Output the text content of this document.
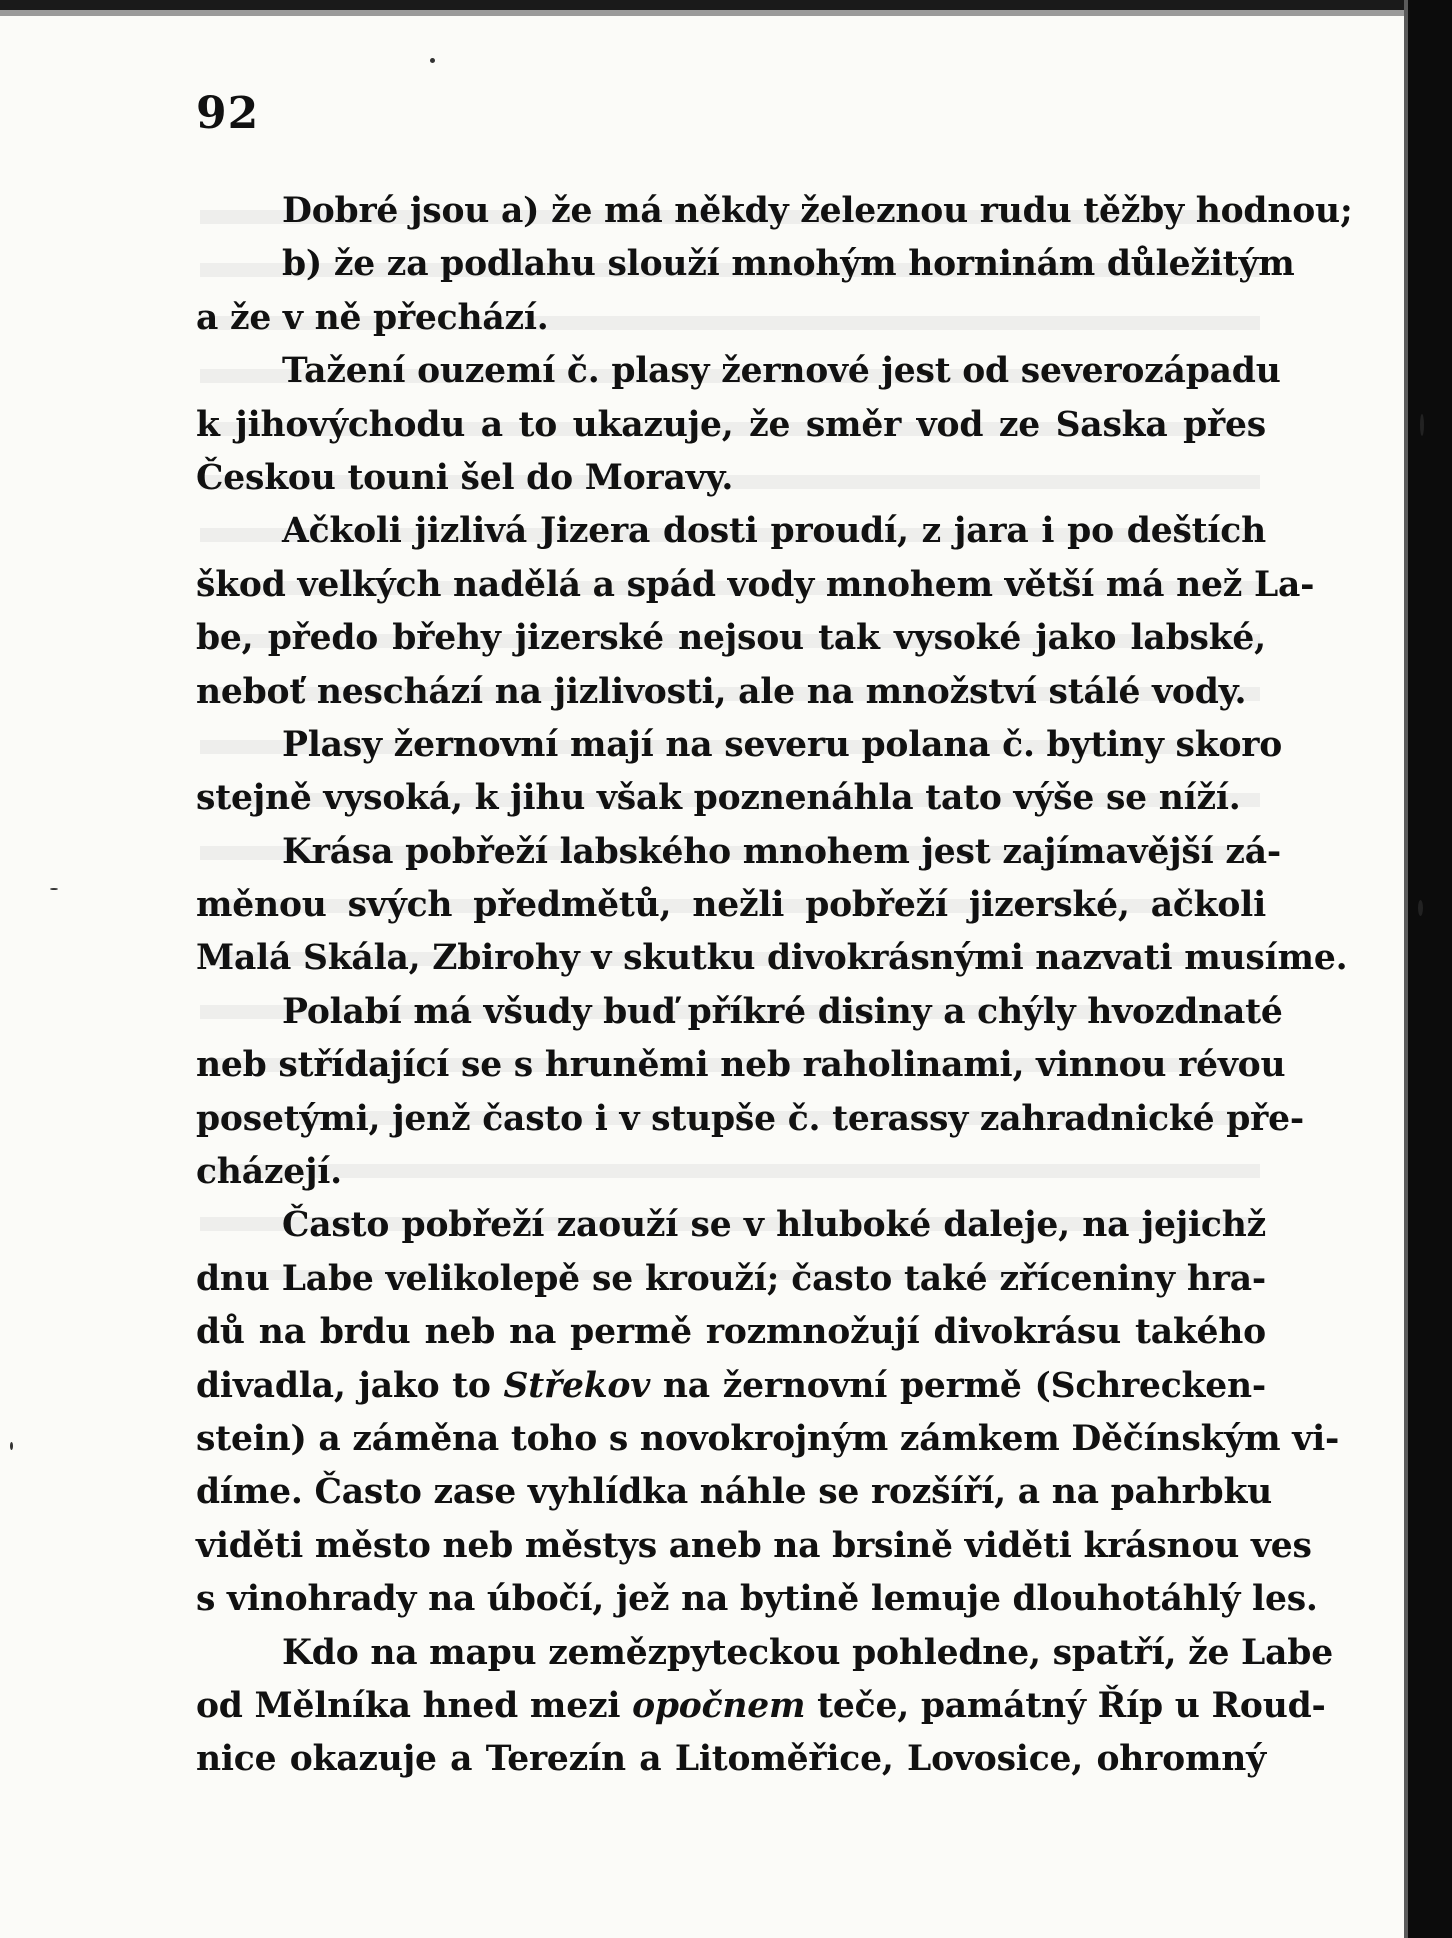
92
Dobré jsou a) že má někdy železnou rudu těžby hodnou;
b) že za podlahu slouží mnohým horninám důležitým
a že v ně přechází.
Tažení ouzemí č. plasy žernové jest od severozápadu
k jihovýchodu a to ukazuje, že směr vod ze Saska přes
Českou touni šel do Moravy.
Ačkoli jizlivá Jizera dosti proudí, z jara i po deštích
škod velkých nadělá a spád vody mnohem větší má než La-
be, předo břehy jizerské nejsou tak vysoké jako labské,
neboť neschází na jizlivosti, ale na množství stálé vody.
Plasy žernovní mají na severu polana č. bytiny skoro
stejně vysoká, k jihu však poznenáhla tato výše se níží.
Krása pobřeží labského mnohem jest zajímavější zá-
měnou svých předmětů, nežli pobřeží jizerské, ačkoli
Malá Skála, Zbirohy v skutku divokrásnými nazvati musíme.
Polabí má všudy buď příkré disiny a chýly hvozdnaté
neb střídající se s hruněmi neb raholinami, vinnou révou
posetými, jenž často i v stupše č. terassy zahradnické pře-
cházejí.
Často pobřeží zaouží se v hluboké daleje, na jejichž
dnu Labe velikolepě se krouží; často také zříceniny hra-
dů na brdu neb na permě rozmnožují divokrásu takého
divadla, jako to Střekov na žernovní permě (Schrecken-
stein) a záměna toho s novokrojným zámkem Děčínským vi-
díme. Často zase vyhlídka náhle se rozšíří, a na pahrbku
viděti město neb městys aneb na brsině viděti krásnou ves
s vinohrady na úbočí, jež na bytině lemuje dlouhotáhlý les.
Kdo na mapu zemězpyteckou pohledne, spatří, že Labe
od Mělníka hned mezi opočnem teče, památný Říp u Roud-
nice okazuje a Terezín a Litoměřice, Lovosice, ohromný
